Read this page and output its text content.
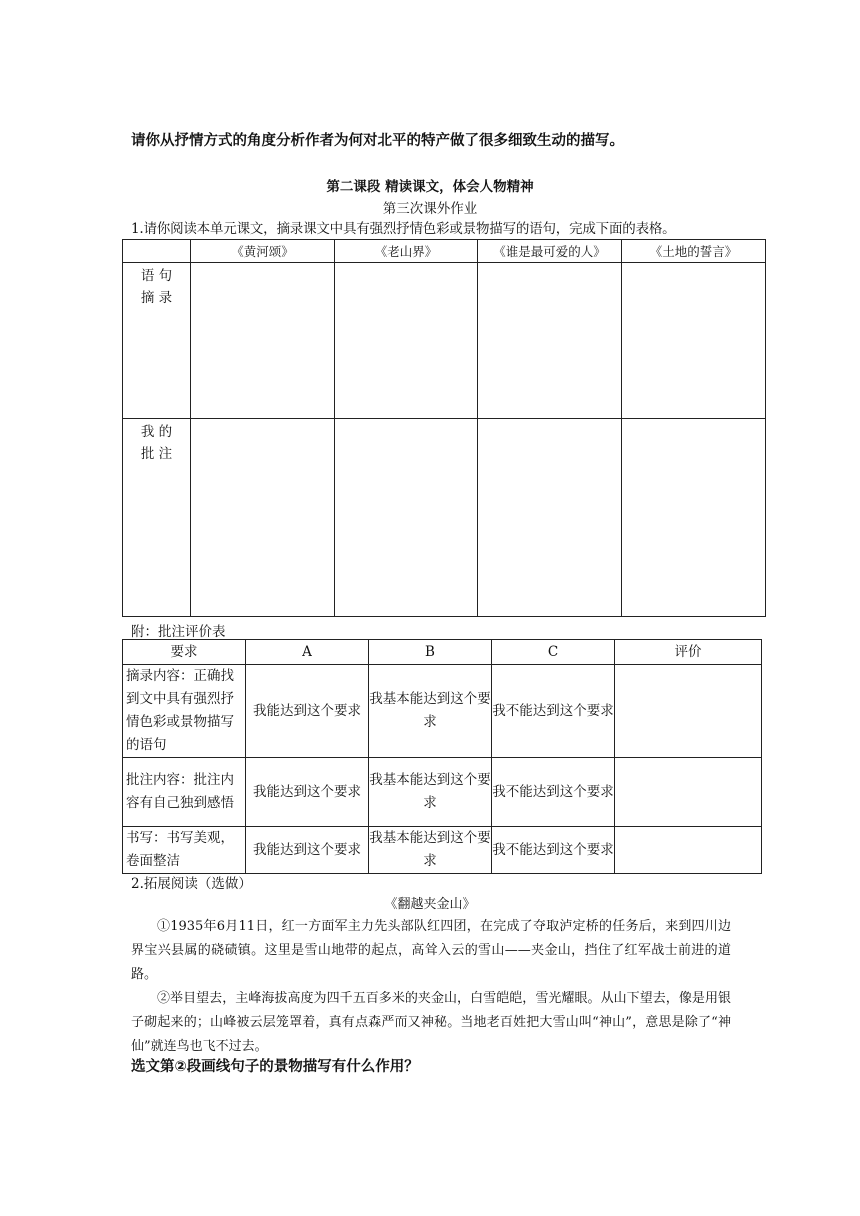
请你从抒情方式的角度分析作者为何对北平的特产做了很多细致生动的描写。
第二课段 精读课文，体会人物精神
第三次课外作业
1.请你阅读本单元课文，摘录课文中具有强烈抒情色彩或景物描写的语句，完成下面的表格。
	《黄河颂》	《老山界》	《谁是最可爱的人》	《土地的誓言》

语 句
摘 录				

我 的
批 注				

附：批注评价表
要求	A	B	C	评价
摘录内容：正确找到文中具有强烈抒情色彩或景物描写的语句	我能达到这个要求	我基本能达到这个要求	我不能达到这个要求	
批注内容：批注内容有自己独到感悟	我能达到这个要求	我基本能达到这个要求	我不能达到这个要求	
书写：书写美观，卷面整洁	我能达到这个要求	我基本能达到这个要求	我不能达到这个要求	
2.拓展阅读（选做）
《翻越夹金山》
①1935年6月11日，红一方面军主力先头部队红四团，在完成了夺取泸定桥的任务后，来到四川边界宝兴县属的硗碛镇。这里是雪山地带的起点，高耸入云的雪山——夹金山，挡住了红军战士前进的道路。
②举目望去，主峰海拔高度为四千五百多米的夹金山，白雪皑皑，雪光耀眼。从山下望去，像是用银子砌起来的；山峰被云层笼罩着，真有点森严而又神秘。当地老百姓把大雪山叫“神山”，意思是除了“神仙”就连鸟也飞不过去。
选文第②段画线句子的景物描写有什么作用？
